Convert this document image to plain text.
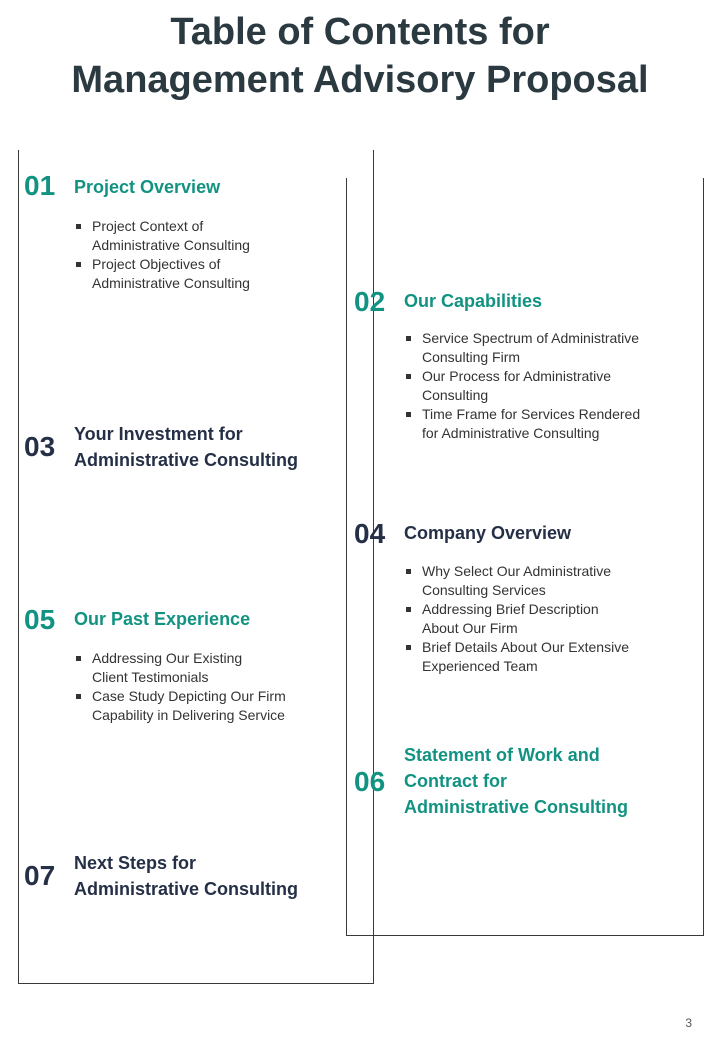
Table of Contents for
Management Advisory Proposal
01 Project Overview
Project Context of
Administrative Consulting
Project Objectives of
Administrative Consulting
02 Our Capabilities
Service Spectrum of Administrative
Consulting Firm
Our Process for Administrative
Consulting
Time Frame for Services Rendered
for Administrative Consulting
03 Your Investment for
Administrative Consulting
04 Company Overview
Why Select Our Administrative
Consulting Services
Addressing Brief Description
About Our Firm
Brief Details About Our Extensive
Experienced Team
05 Our Past Experience
Addressing Our Existing
Client Testimonials
Case Study Depicting Our Firm
Capability in Delivering Service
06
Statement of Work and
Contract for
Administrative Consulting
07 Next Steps for
Administrative Consulting
3
